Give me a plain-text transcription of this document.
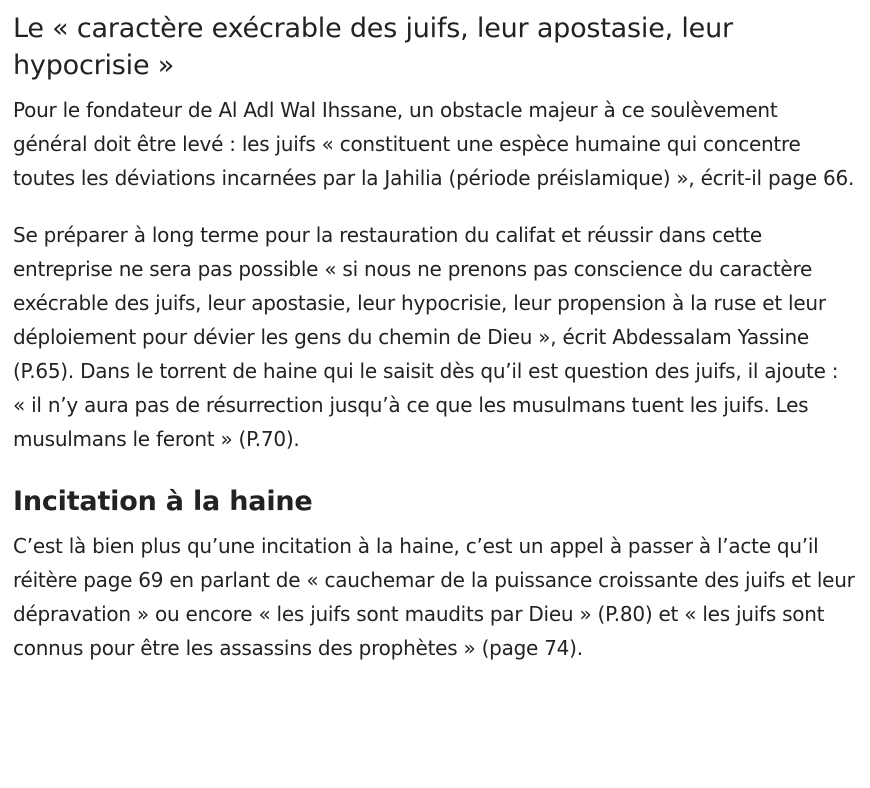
Le « caractère exécrable des juifs, leur apostasie, leur hypocrisie »

Pour le fondateur de Al Adl Wal Ihssane, un obstacle majeur à ce soulèvement général doit être levé : les juifs « constituent une espèce humaine qui concentre toutes les déviations incarnées par la Jahilia (période préislamique) », écrit-il page 66.

Se préparer à long terme pour la restauration du califat et réussir dans cette entreprise ne sera pas possible « si nous ne prenons pas conscience du caractère exécrable des juifs, leur apostasie, leur hypocrisie, leur propension à la ruse et leur déploiement pour dévier les gens du chemin de Dieu », écrit Abdessalam Yassine (P.65). Dans le torrent de haine qui le saisit dès qu’il est question des juifs, il ajoute : « il n’y aura pas de résurrection jusqu’à ce que les musulmans tuent les juifs. Les musulmans le feront » (P.70).

Incitation à la haine

C’est là bien plus qu’une incitation à la haine, c’est un appel à passer à l’acte qu’il réitère page 69 en parlant de « cauchemar de la puissance croissante des juifs et leur dépravation » ou encore « les juifs sont maudits par Dieu » (P.80) et « les juifs sont connus pour être les assassins des prophètes » (page 74).
